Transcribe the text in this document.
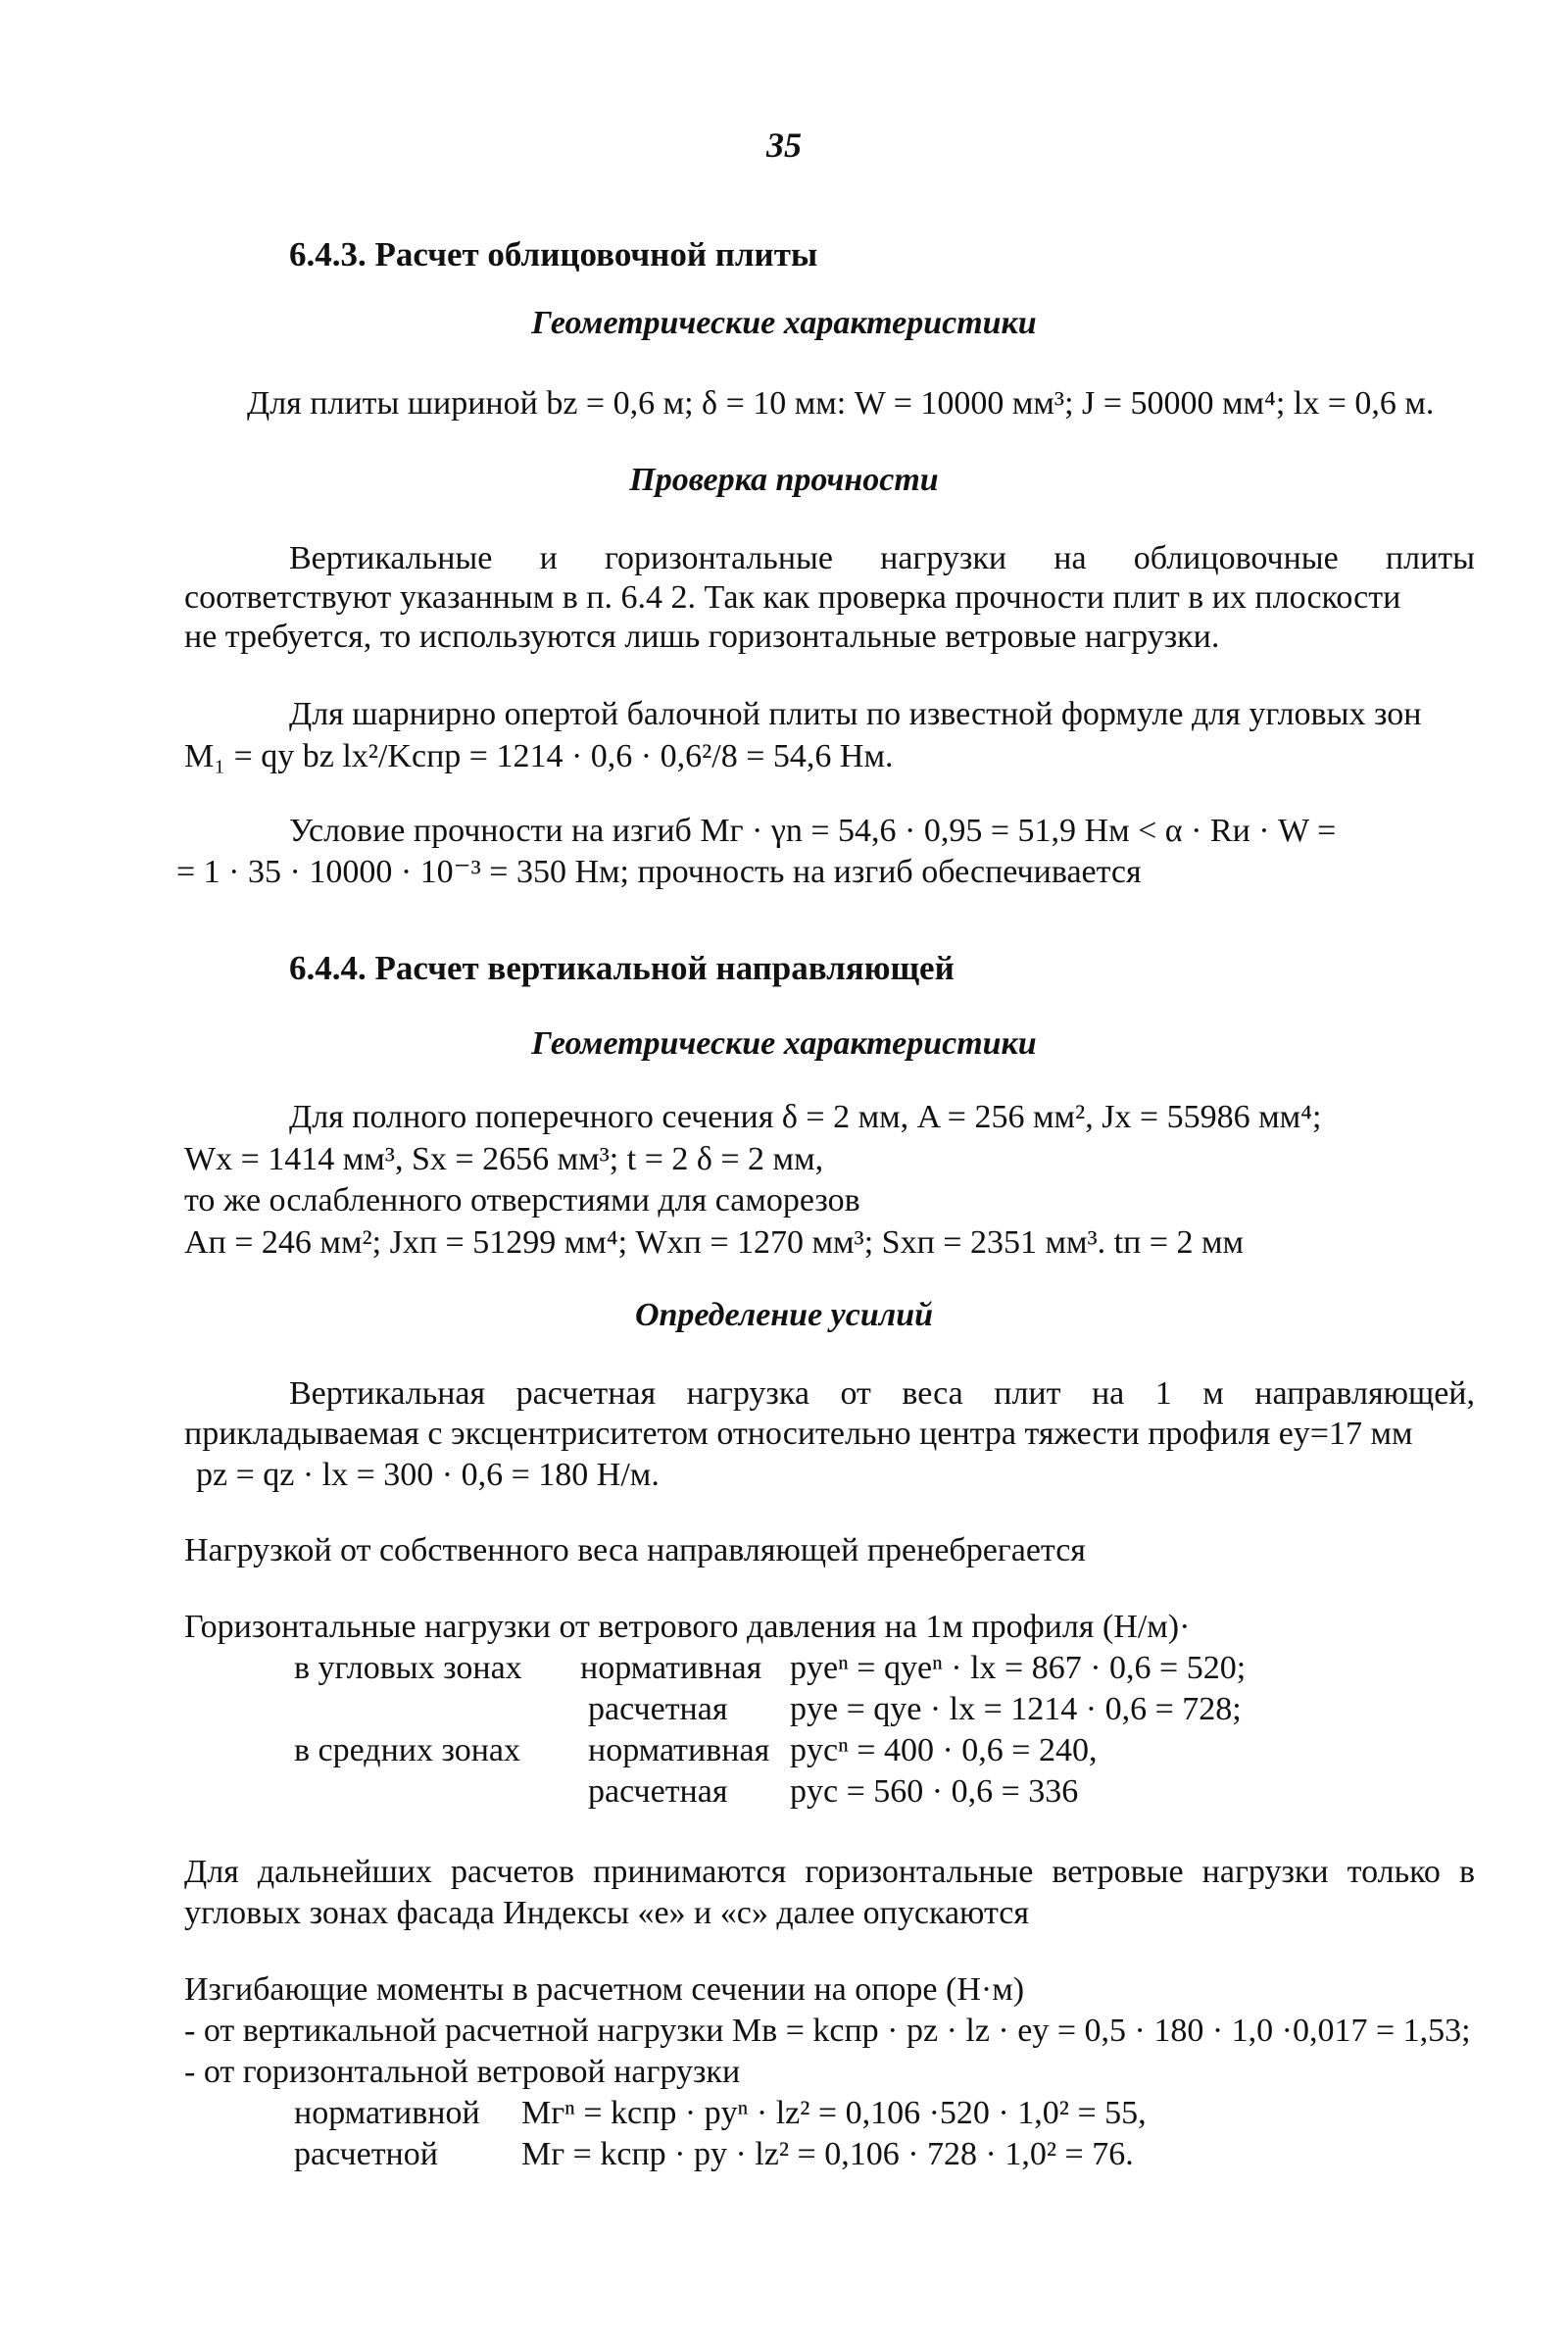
35
6.4.3. Расчет облицовочной плиты
Геометрические характеристики
Для плиты шириной bz = 0,6 м; δ = 10 мм: W = 10000 мм³; J = 50000 мм⁴; lx = 0,6 м.
Проверка прочности
Вертикальные и горизонтальные нагрузки на облицовочные плиты
соответствуют указанным в п. 6.4 2. Так как проверка прочности плит в их плоскости
не требуется, то используются лишь горизонтальные ветровые нагрузки.
Для шарнирно опертой балочной плиты по известной формуле для угловых зон
M₁ = qy bz lx²/Kспр = 1214 · 0,6 · 0,6²/8 = 54,6 Нм.
Условие прочности на изгиб Mг · γn = 54,6 · 0,95 = 51,9 Нм < α · Rи · W =
= 1 · 35 · 10000 · 10⁻³ = 350 Нм; прочность на изгиб обеспечивается
6.4.4. Расчет вертикальной направляющей
Геометрические характеристики
Для полного поперечного сечения δ = 2 мм, A = 256 мм², Jx = 55986 мм⁴;
Wx = 1414 мм³, Sx = 2656 мм³; t = 2 δ = 2 мм,
то же ослабленного отверстиями для саморезов
Aп = 246 мм²; Jxп = 51299 мм⁴; Wxп = 1270 мм³; Sxп = 2351 мм³. tп = 2 мм
Определение усилий
Вертикальная расчетная нагрузка от веса плит на 1 м направляющей,
прикладываемая с эксцентриситетом относительно центра тяжести профиля ey=17 мм
pz = qz · lx = 300 · 0,6 = 180 Н/м.
Нагрузкой от собственного веса направляющей пренебрегается
Горизонтальные нагрузки от ветрового давления на 1м профиля (Н/м)·
в угловых зонах нормативная pyeⁿ = qyeⁿ · lx = 867 · 0,6 = 520;
расчетная pye = qye · lx = 1214 · 0,6 = 728;
в средних зонах нормативная pycⁿ = 400 · 0,6 = 240,
расчетная pyc = 560 · 0,6 = 336
Для дальнейших расчетов принимаются горизонтальные ветровые нагрузки только в
угловых зонах фасада Индексы «е» и «с» далее опускаются
Изгибающие моменты в расчетном сечении на опоре (Н·м)
- от вертикальной расчетной нагрузки Mв = kспр · pz · lz · ey = 0,5 · 180 · 1,0 ·0,017 = 1,53;
- от горизонтальной ветровой нагрузки
нормативной Mгⁿ = kспр · pyⁿ · lz² = 0,106 ·520 · 1,0² = 55,
расчетной	Mг = kспр · py · lz² = 0,106 · 728 · 1,0² = 76.
